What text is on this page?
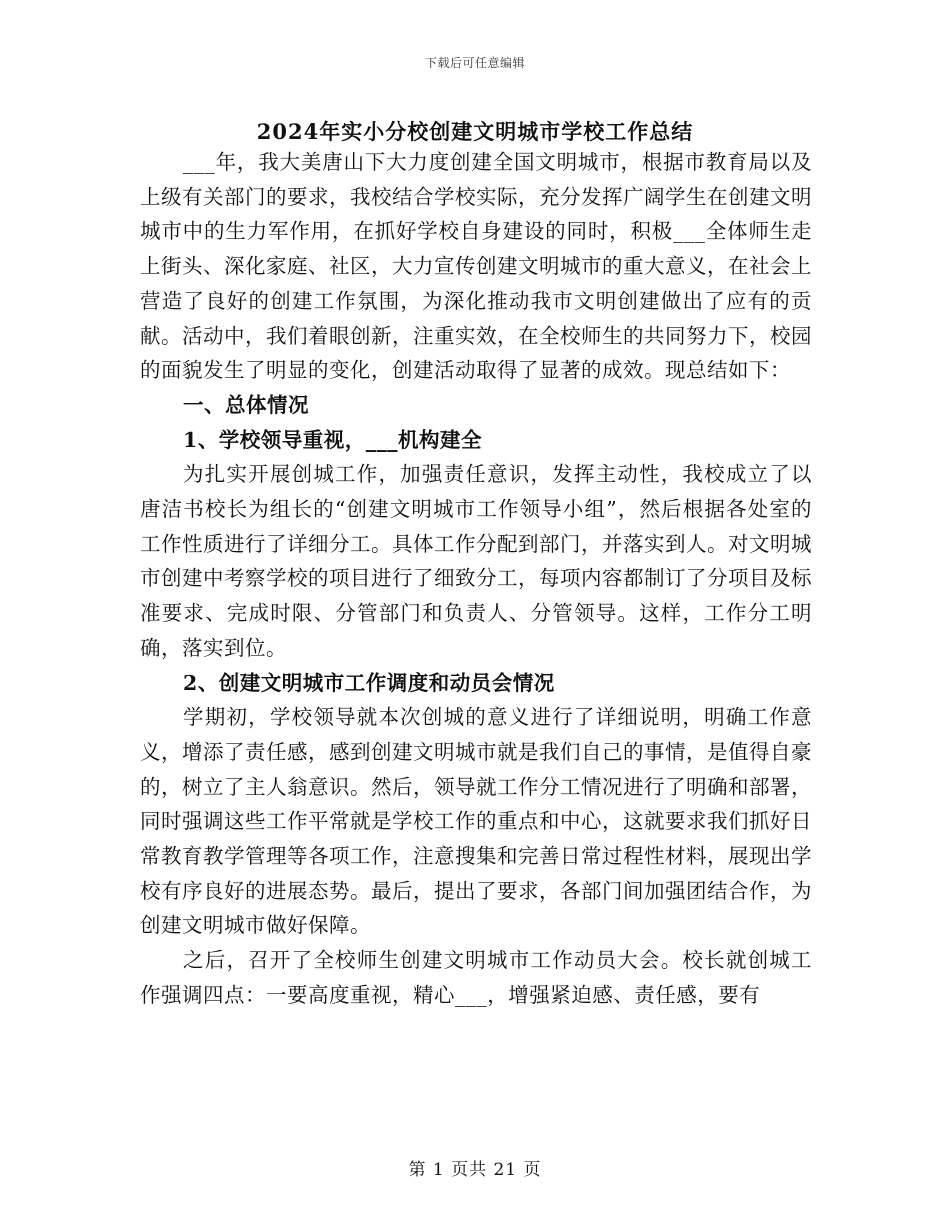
下载后可任意编辑
2024年实小分校创建文明城市学校工作总结

___年，我大美唐山下大力度创建全国文明城市，根据市教育局以及上级有关部门的要求，我校结合学校实际，充分发挥广阔学生在创建文明城市中的生力军作用，在抓好学校自身建设的同时，积极___全体师生走上街头、深化家庭、社区，大力宣传创建文明城市的重大意义，在社会上营造了良好的创建工作氛围，为深化推动我市文明创建做出了应有的贡献。活动中，我们着眼创新，注重实效，在全校师生的共同努力下，校园的面貌发生了明显的变化，创建活动取得了显著的成效。现总结如下：

一、总体情况
1、学校领导重视，___机构建全

为扎实开展创城工作，加强责任意识，发挥主动性，我校成立了以唐洁书校长为组长的“创建文明城市工作领导小组”，然后根据各处室的工作性质进行了详细分工。具体工作分配到部门，并落实到人。对文明城市创建中考察学校的项目进行了细致分工，每项内容都制订了分项目及标准要求、完成时限、分管部门和负责人、分管领导。这样，工作分工明确，落实到位。

2、创建文明城市工作调度和动员会情况

学期初，学校领导就本次创城的意义进行了详细说明，明确工作意义，增添了责任感，感到创建文明城市就是我们自己的事情，是值得自豪的，树立了主人翁意识。然后，领导就工作分工情况进行了明确和部署，同时强调这些工作平常就是学校工作的重点和中心，这就要求我们抓好日常教育教学管理等各项工作，注意搜集和完善日常过程性材料，展现出学校有序良好的进展态势。最后，提出了要求，各部门间加强团结合作，为创建文明城市做好保障。

之后，召开了全校师生创建文明城市工作动员大会。校长就创城工作强调四点：一要高度重视，精心___，增强紧迫感、责任感，要有

第 1 页共 21 页
